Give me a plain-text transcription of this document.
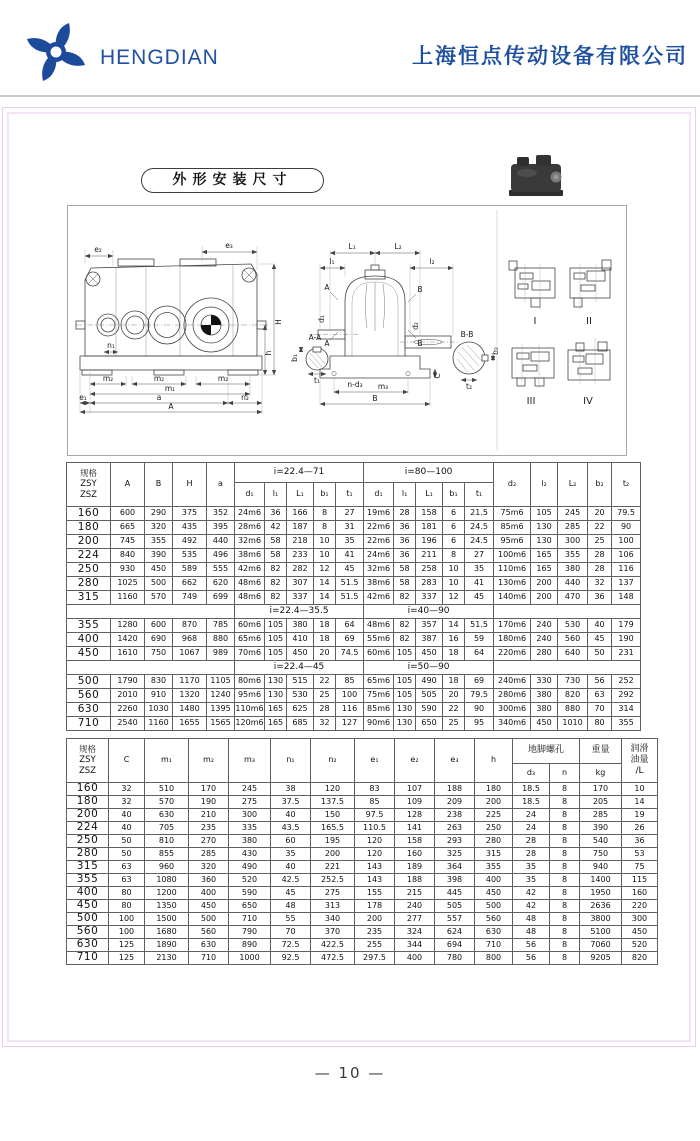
HENGDIAN	上海恒点传动设备有限公司
外形安装尺寸
e₂	e₃
H
h
n₁
m₂	m₂	m₂
m₁
e₁	a	n₂
A
A-A
b₁
t₁
L₁	L₂
l₁	l₂
A
A
B
B
d₁
d₂
C
n-d₃ m₃
B
B-B
b₂
t₂
I	II
III	IV
规格
ZSY
ZSZ	A	B	H	a	i=22.4—71					i=80—100					d₂	l₂	L₂	b₂	t₂
					d₁	l₁	L₁	b₁	t₁	d₁	l₁	L₁	b₁	t₁					
160	600	290	375	352	24m6	36	166	8	27	19m6	28	158	6	21.5	75m6	105	245	20	79.5
180	665	320	435	395	28m6	42	187	8	31	22m6	36	181	6	24.5	85m6	130	285	22	90
200	745	355	492	440	32m6	58	218	10	35	22m6	36	196	6	24.5	95m6	130	300	25	100
224	840	390	535	496	38m6	58	233	10	41	24m6	36	211	8	27	100m6	165	355	28	106
250	930	450	589	555	42m6	82	282	12	45	32m6	58	258	10	35	110m6	165	380	28	116
280	1025	500	662	620	48m6	82	307	14	51.5	38m6	58	283	10	41	130m6	200	440	32	137
315	1160	570	749	699	48m6	82	337	14	51.5	42m6	82	337	12	45	140m6	200	470	36	148
					i=22.4—35.5					i=40—90									
355	1280	600	870	785	60m6	105	380	18	64	48m6	82	357	14	51.5	170m6	240	530	40	179
400	1420	690	968	880	65m6	105	410	18	69	55m6	82	387	16	59	180m6	240	560	45	190
450	1610	750	1067	989	70m6	105	450	20	74.5	60m6	105	450	18	64	220m6	280	640	50	231
					i=22.4—45					i=50—90									
500	1790	830	1170	1105	80m6	130	515	22	85	65m6	105	490	18	69	240m6	330	730	56	252
560	2010	910	1320	1240	95m6	130	530	25	100	75m6	105	505	20	79.5	280m6	380	820	63	292
630	2260	1030	1480	1395	110m6	165	625	28	116	85m6	130	590	22	90	300m6	380	880	70	314
710	2540	1160	1655	1565	120m6	165	685	32	127	90m6	130	650	25	95	340m6	450	1010	80	355
规格
ZSY
ZSZ
	C	m₁	m₂	m₃	n₁	n₂	e₁	e₂	e₃	h	地脚螺孔	重量	润滑
油量
/L

											d₃	n	kg	
160	32	510	170	245	38	120	83	107	188	180	18.5	8	170	10
180	32	570	190	275	37.5	137.5	85	109	209	200	18.5	8	205	14
200	40	630	210	300	40	150	97.5	128	238	225	24	8	285	19
224	40	705	235	335	43.5	165.5	110.5	141	263	250	24	8	390	26
250	50	810	270	380	60	195	120	158	293	280	28	8	540	36
280	50	855	285	430	35	200	120	160	325	315	28	8	750	53
315	63	960	320	490	40	221	143	189	364	355	35	8	940	75
355	63	1080	360	520	42.5	252.5	143	188	398	400	35	8	1400	115
400	80	1200	400	590	45	275	155	215	445	450	42	8	1950	160
450	80	1350	450	650	48	313	178	240	505	500	42	8	2636	220
500	100	1500	500	710	55	340	200	277	557	560	48	8	3800	300
560	100	1680	560	790	70	370	235	324	624	630	48	8	5100	450
630	125	1890	630	890	72.5	422.5	255	344	694	710	56	8	7060	520
710	125	2130	710	1000	92.5	472.5	297.5	400	780	800	56	8	9205	820
— 10 —
